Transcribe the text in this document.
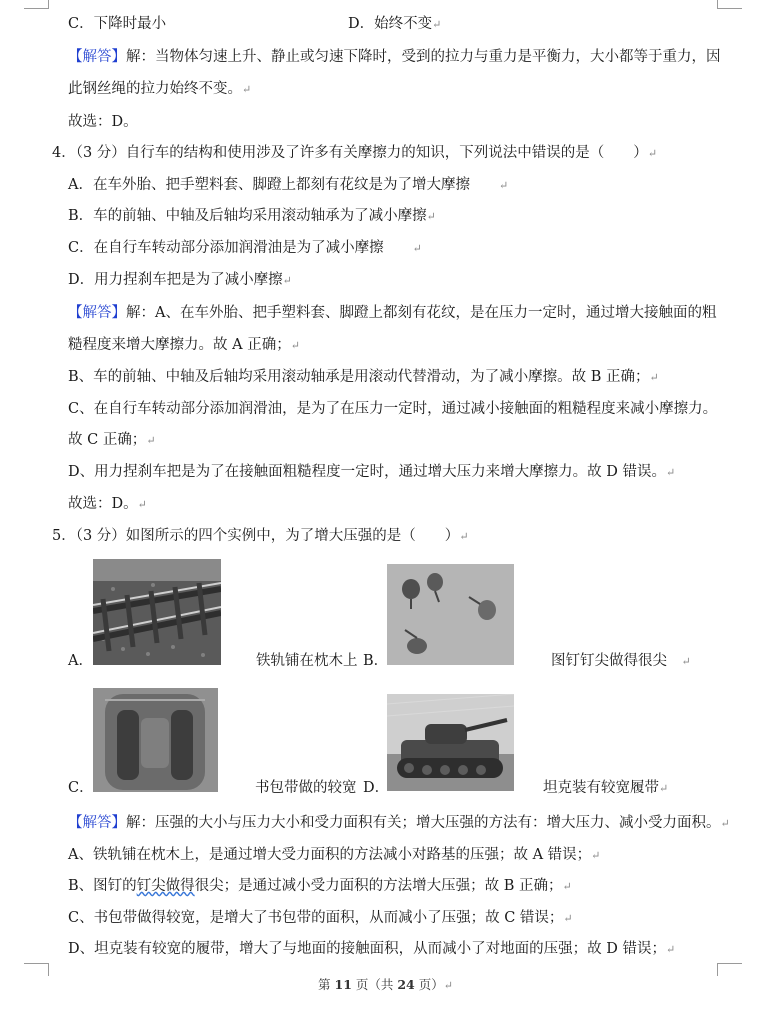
C．下降时最小	D．始终不变↵
【解答】解：当物体匀速上升、静止或匀速下降时，受到的拉力与重力是平衡力，大小都等于重力，因
此钢丝绳的拉力始终不变。↵
故选：D。
4．（3 分）自行车的结构和使用涉及了许多有关摩擦力的知识，下列说法中错误的是（　　）↵
A．在车外胎、把手塑料套、脚蹬上都刻有花纹是为了增大摩擦　　	↵
B．车的前轴、中轴及后轴均采用滚动轴承为了减小摩擦↵
C．在自行车转动部分添加润滑油是为了减小摩擦　　	↵
D．用力捏刹车把是为了减小摩擦↵
【解答】解：A、在车外胎、把手塑料套、脚蹬上都刻有花纹，是在压力一定时，通过增大接触面的粗
糙程度来增大摩擦力。故 A 正确；↵
B、车的前轴、中轴及后轴均采用滚动轴承是用滚动代替滑动，为了减小摩擦。故 B 正确；↵
C、在自行车转动部分添加润滑油，是为了在压力一定时，通过减小接触面的粗糙程度来减小摩擦力。
故 C 正确；↵
D、用力捏刹车把是为了在接触面粗糙程度一定时，通过增大压力来增大摩擦力。故 D 错误。↵
故选：D。↵
5．（3 分）如图所示的四个实例中，为了增大压强的是（　　）↵
A．	铁轨铺在枕木上 B．	图钉钉尖做得很尖　 ↵
C．	书包带做的较宽 D．	坦克装有较宽履带↵
【解答】解：压强的大小与压力大小和受力面积有关；增大压强的方法有：增大压力、减小受力面积。↵
A、铁轨铺在枕木上，是通过增大受力面积的方法减小对路基的压强；故 A 错误；↵
B、图钉的钉尖做得很尖；是通过减小受力面积的方法增大压强；故 B 正确；↵
C、书包带做得较宽，是增大了书包带的面积，从而减小了压强；故 C 错误；↵
D、坦克装有较宽的履带，增大了与地面的接触面积，从而减小了对地面的压强；故 D 错误；↵
第 11 页（共 24 页）↵
